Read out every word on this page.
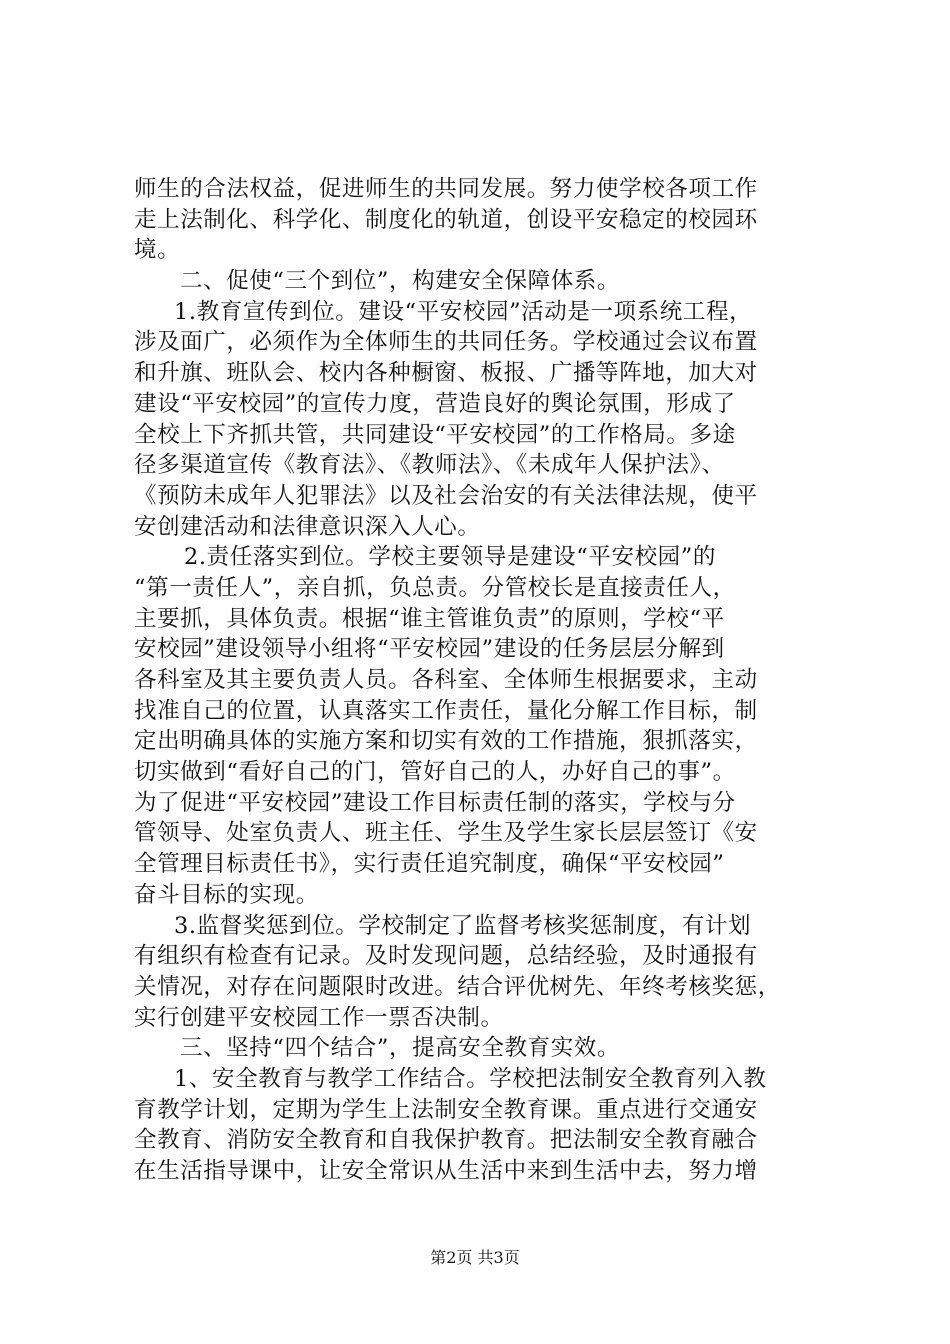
师生的合法权益，促进师生的共同发展。努力使学校各项工作
走上法制化、科学化、制度化的轨道，创设平安稳定的校园环
境。
二、促使“三个到位”，构建安全保障体系。
1.教育宣传到位。建设“平安校园”活动是一项系统工程，
涉及面广，必须作为全体师生的共同任务。学校通过会议布置
和升旗、班队会、校内各种橱窗、板报、广播等阵地，加大对
建设“平安校园”的宣传力度，营造良好的舆论氛围，形成了
全校上下齐抓共管，共同建设“平安校园”的工作格局。多途
径多渠道宣传《教育法》、《教师法》、《未成年人保护法》、
《预防未成年人犯罪法》以及社会治安的有关法律法规，使平
安创建活动和法律意识深入人心。
2.责任落实到位。学校主要领导是建设“平安校园”的
“第一责任人”，亲自抓，负总责。分管校长是直接责任人，
主要抓，具体负责。根据“谁主管谁负责”的原则，学校“平
安校园”建设领导小组将“平安校园”建设的任务层层分解到
各科室及其主要负责人员。各科室、全体师生根据要求，主动
找准自己的位置，认真落实工作责任，量化分解工作目标，制
定出明确具体的实施方案和切实有效的工作措施，狠抓落实，
切实做到“看好自己的门，管好自己的人，办好自己的事”。
为了促进“平安校园”建设工作目标责任制的落实，学校与分
管领导、处室负责人、班主任、学生及学生家长层层签订《安
全管理目标责任书》，实行责任追究制度，确保“平安校园”
奋斗目标的实现。
3.监督奖惩到位。学校制定了监督考核奖惩制度，有计划
有组织有检查有记录。及时发现问题，总结经验，及时通报有
关情况，对存在问题限时改进。结合评优树先、年终考核奖惩，
实行创建平安校园工作一票否决制。
三、坚持“四个结合”，提高安全教育实效。
1、安全教育与教学工作结合。学校把法制安全教育列入教
育教学计划，定期为学生上法制安全教育课。重点进行交通安
全教育、消防安全教育和自我保护教育。把法制安全教育融合
在生活指导课中，让安全常识从生活中来到生活中去，努力增
第2页 共3页
